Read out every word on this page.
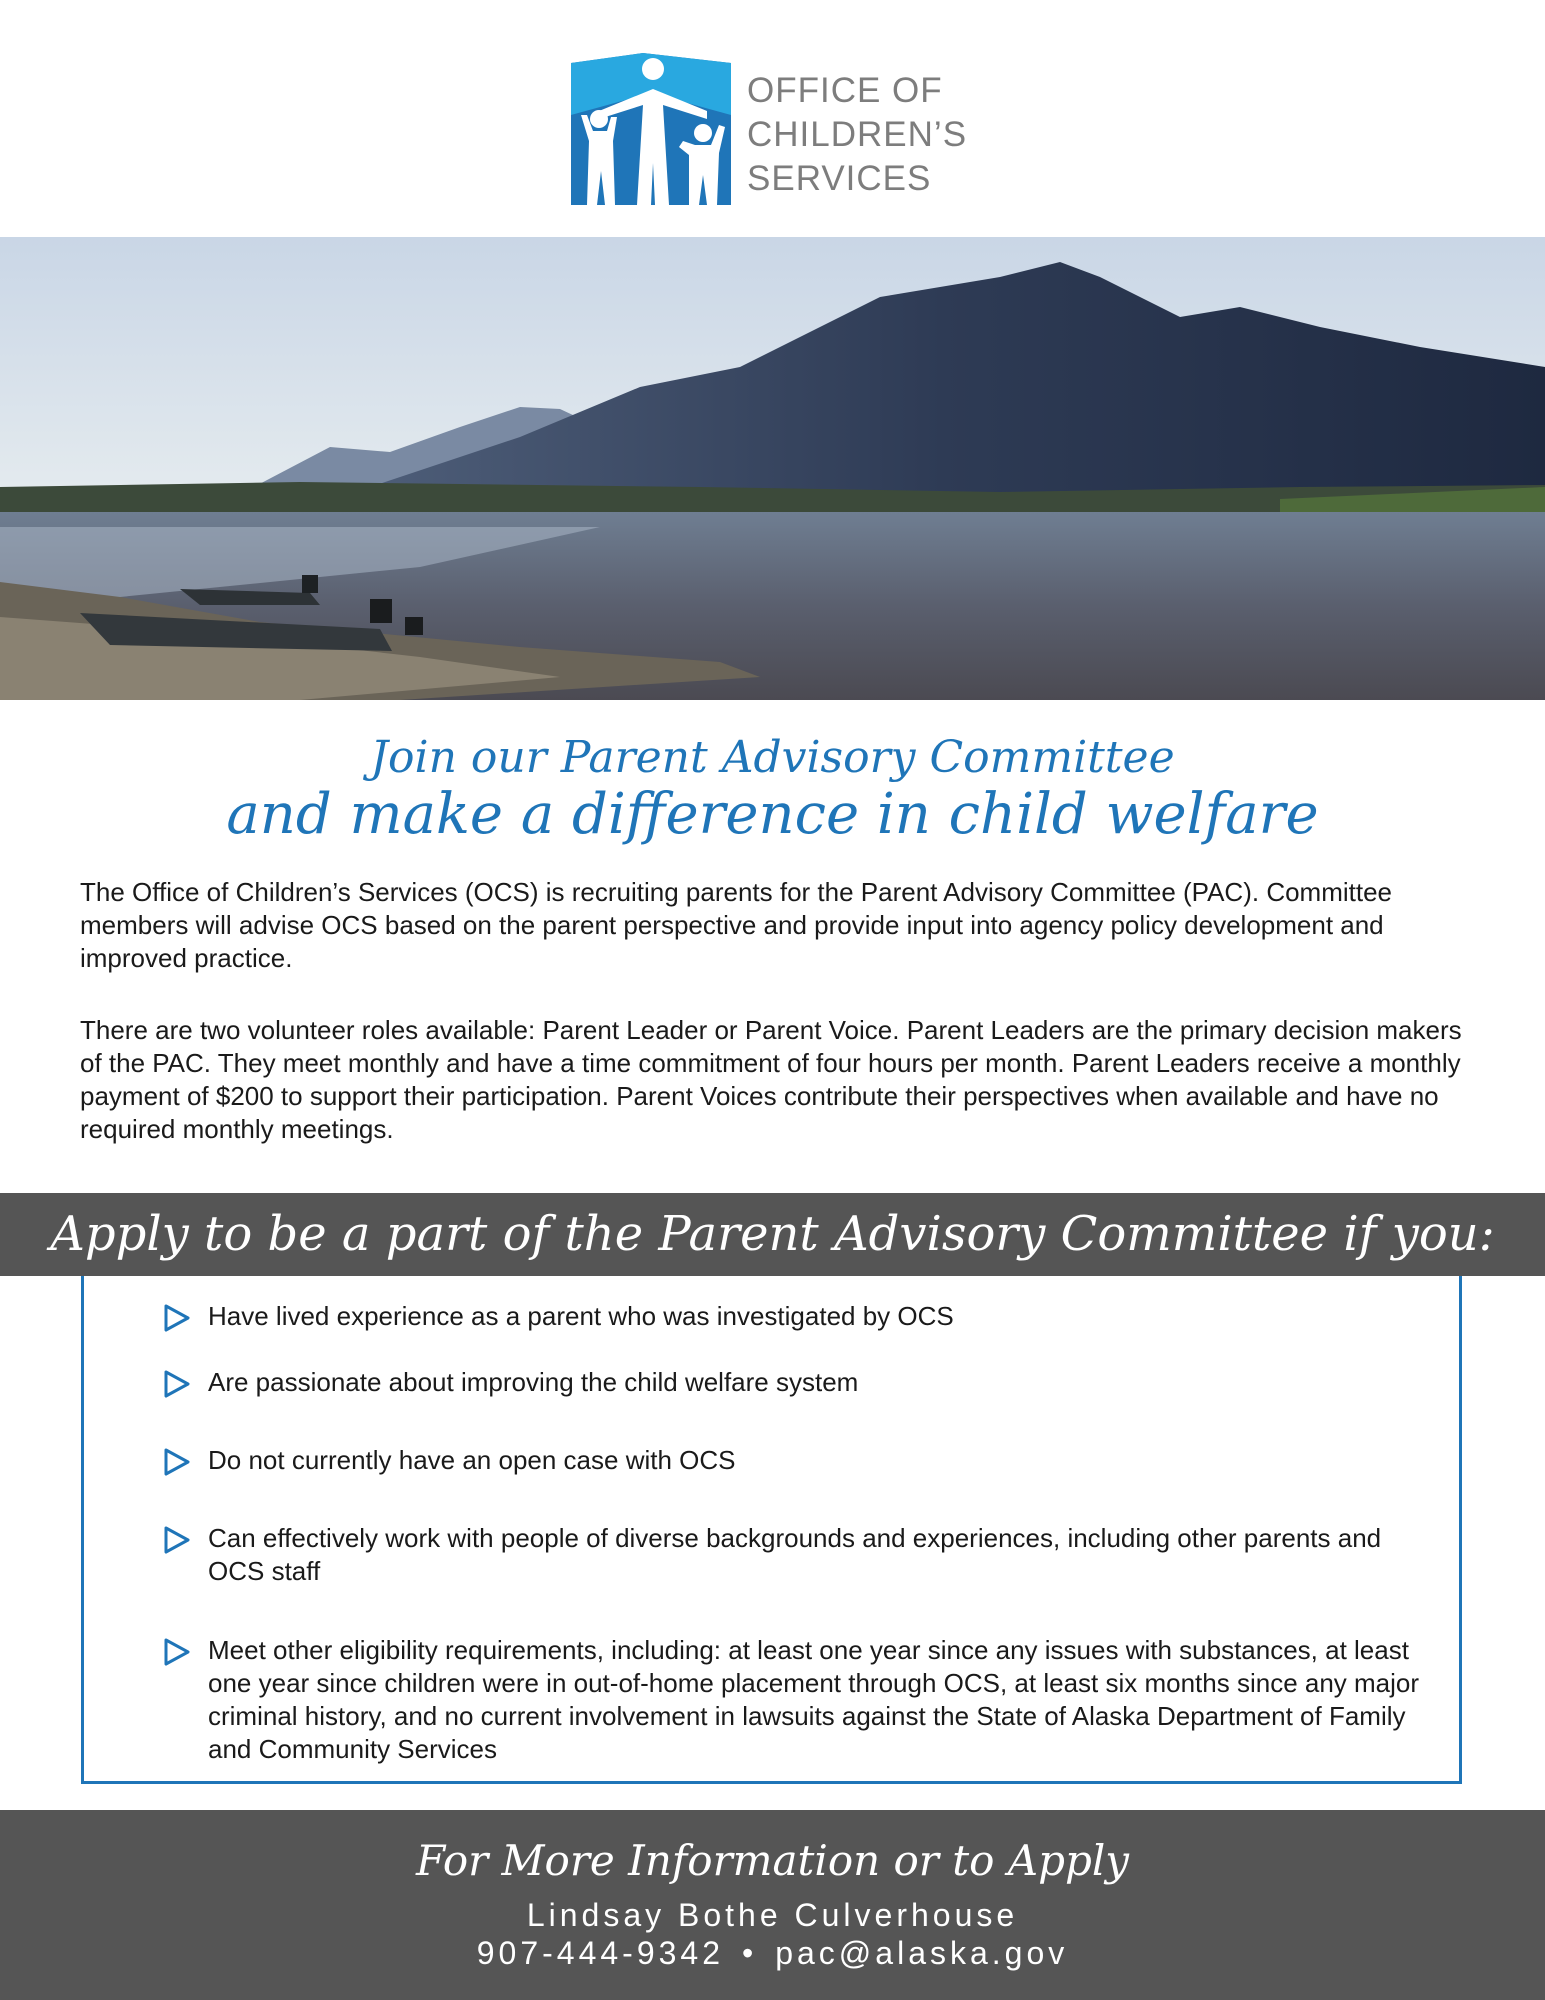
OFFICE OF
CHILDREN’S
SERVICES
Join our Parent Advisory Committee
and make a difference in child welfare
The Office of Children’s Services (OCS) is recruiting parents for the Parent Advisory Committee (PAC). Committee members will advise OCS based on the parent perspective and provide input into agency policy development and improved practice.
There are two volunteer roles available: Parent Leader or Parent Voice. Parent Leaders are the primary decision makers of the PAC. They meet monthly and have a time commitment of four hours per month. Parent Leaders receive a monthly payment of $200 to support their participation. Parent Voices contribute their perspectives when available and have no required monthly meetings.
Apply to be a part of the Parent Advisory Committee if you:
Have lived experience as a parent who was investigated by OCS
Are passionate about improving the child welfare system
Do not currently have an open case with OCS
Can effectively work with people of diverse backgrounds and experiences, including other parents and OCS staff
Meet other eligibility requirements, including: at least one year since any issues with substances, at least one year since children were in out-of-home placement through OCS, at least six months since any major criminal history, and no current involvement in lawsuits against the State of Alaska Department of Family and Community Services
For More Information or to Apply
Lindsay Bothe Culverhouse
907-444-9342 • pac@alaska.gov
